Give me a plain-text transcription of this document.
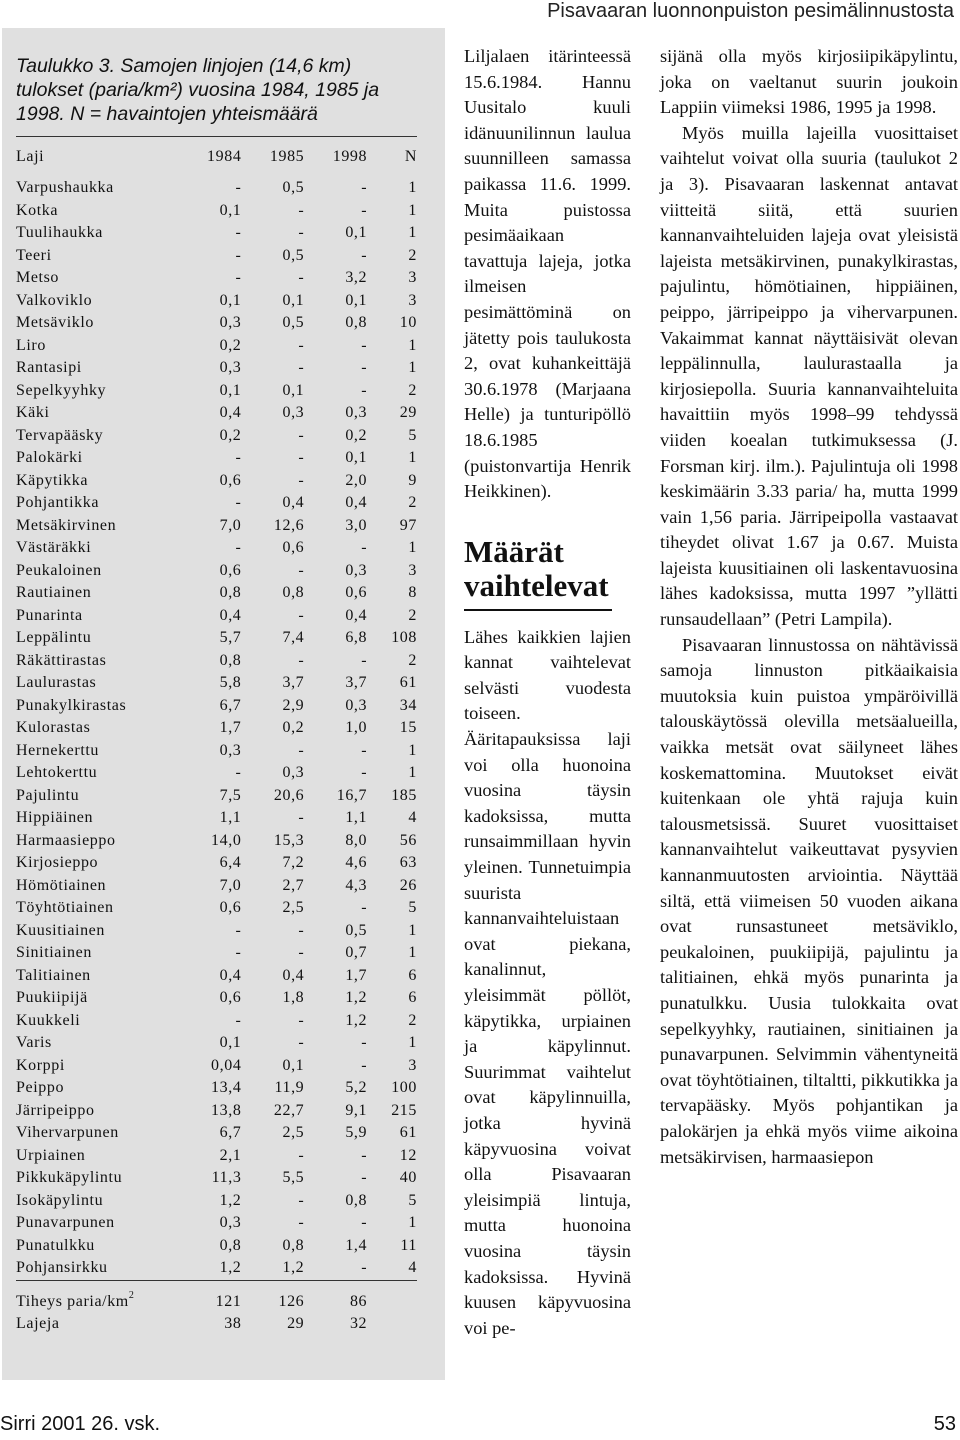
Pisavaaran luonnonpuiston pesimälinnustosta
Taulukko 3. Samojen linjojen (14,6 km) tulokset (paria/km²) vuosina 1984, 1985 ja 1998. N = havaintojen yhteismäärä
Laji	1984	1985	1998	N
Varpushaukka	-	0,5	-	1
Kotka	0,1	-	-	1
Tuulihaukka	-	-	0,1	1
Teeri	-	0,5	-	2
Metso	-	-	3,2	3
Valkoviklo	0,1	0,1	0,1	3
Metsäviklo	0,3	0,5	0,8	10
Liro	0,2	-	-	1
Rantasipi	0,3	-	-	1
Sepelkyyhky	0,1	0,1	-	2
Käki	0,4	0,3	0,3	29
Tervapääsky	0,2	-	0,2	5
Palokärki	-	-	0,1	1
Käpytikka	0,6	-	2,0	9
Pohjantikka	-	0,4	0,4	2
Metsäkirvinen	7,0	12,6	3,0	97
Västäräkki	-	0,6	-	1
Peukaloinen	0,6	-	0,3	3
Rautiainen	0,8	0,8	0,6	8
Punarinta	0,4	-	0,4	2
Leppälintu	5,7	7,4	6,8	108
Räkättirastas	0,8	-	-	2
Laulurastas	5,8	3,7	3,7	61
Punakylkirastas	6,7	2,9	0,3	34
Kulorastas	1,7	0,2	1,0	15
Hernekerttu	0,3	-	-	1
Lehtokerttu	-	0,3	-	1
Pajulintu	7,5	20,6	16,7	185
Hippiäinen	1,1	-	1,1	4
Harmaasieppo	14,0	15,3	8,0	56
Kirjosieppo	6,4	7,2	4,6	63
Hömötiainen	7,0	2,7	4,3	26
Töyhtötiainen	0,6	2,5	-	5
Kuusitiainen	-	-	0,5	1
Sinitiainen	-	-	0,7	1
Talitiainen	0,4	0,4	1,7	6
Puukiipijä	0,6	1,8	1,2	6
Kuukkeli	-	-	1,2	2
Varis	0,1	-	-	1
Korppi	0,04	0,1	-	3
Peippo	13,4	11,9	5,2	100
Järripeippo	13,8	22,7	9,1	215
Vihervarpunen	6,7	2,5	5,9	61
Urpiainen	2,1	-	-	12
Pikkukäpylintu	11,3	5,5	-	40
Isokäpylintu	1,2	-	0,8	5
Punavarpunen	0,3	-	-	1
Punatulkku	0,8	0,8	1,4	11
Pohjansirkku	1,2	1,2	-	4
Tiheys paria/$km^2$	121	126	86	
Lajeja	38	29	32	

Liljalaen itärinteessä 15.6.1984. Hannu Uusitalo kuuli idänuunilinnun laulua suunnilleen samassa paikassa 11.6. 1999. Muita puistossa pesimäaikaan tavattuja lajeja, jotka ilmeisen pesimättöminä on jätetty pois taulukosta 2, ovat kuhankeittäjä 30.6.1978 (Marjaana Helle) ja tunturipöllö 18.6.1985 (puistonvartija Henrik Heikkinen).

Määrät vaihtelevat

Lähes kaikkien lajien kannat vaihtelevat selvästi vuodesta toiseen. Ääritapauksissa laji voi olla huonoina vuosina täysin kadoksissa, mutta runsaimmillaan hyvin yleinen. Tunnetuimpia suurista kannanvaihteluistaan ovat piekana, kanalinnut, yleisimmät pöllöt, käpytikka, urpiainen ja käpylinnut. Suurimmat vaihtelut ovat käpylinnuilla, jotka hyvinä käpyvuosina voivat olla Pisavaaran yleisimpiä lintuja, mutta huonoina vuosina täysin kadoksissa. Hyvinä kuusen käpyvuosina voi pe-

sijänä olla myös kirjosiipikäpylintu, joka on vaeltanut suurin joukoin Lappiin viimeksi 1986, 1995 ja 1998.

Myös muilla lajeilla vuosittaiset vaihtelut voivat olla suuria (taulukot 2 ja 3). Pisavaaran laskennat antavat viitteitä siitä, että suurien kannanvaihteluiden lajeja ovat yleisistä lajeista metsäkirvinen, punakylkirastas, pajulintu, hömötiainen, hippiäinen, peippo, järripeippo ja vihervarpunen. Vakaimmat kannat näyttäisivät olevan leppälinnulla, laulurastaalla ja kirjosiepolla. Suuria kannanvaihteluita havaittiin myös 1998–99 tehdyssä viiden koealan tutkimuksessa (J. Forsman kirj. ilm.). Pajulintuja oli 1998 keskimäärin 3.33 paria/ ha, mutta 1999 vain 1,56 paria. Järripeipolla vastaavat tiheydet olivat 1.67 ja 0.67. Muista lajeista kuusitiainen oli laskentavuosina lähes kadoksissa, mutta 1997 ”yllätti runsaudellaan” (Petri Lampila).

Pisavaaran linnustossa on nähtävissä samoja linnuston pitkäaikaisia muutoksia kuin puistoa ympäröivillä talouskäytössä olevilla metsäalueilla, vaikka metsät ovat säilyneet lähes koskemattomina. Muutokset eivät kuitenkaan ole yhtä rajuja kuin talousmetsissä. Suuret vuosittaiset kannanvaihtelut vaikeuttavat pysyvien kannanmuutosten arviointia. Näyttää siltä, että viimeisen 50 vuoden aikana ovat runsastuneet metsäviklo, peukaloinen, puukiipijä, pajulintu ja talitiainen, ehkä myös punarinta ja punatulkku. Uusia tulokkaita ovat sepelkyyhky, rautiainen, sinitiainen ja punavarpunen. Selvimmin vähentyneitä ovat töyhtötiainen, tiltaltti, pikkutikka ja tervapääsky. Myös pohjantikan ja palokärjen ja ehkä myös viime aikoina metsäkirvisen, harmaasiepon

Sirri 2001 26. vsk.	53
